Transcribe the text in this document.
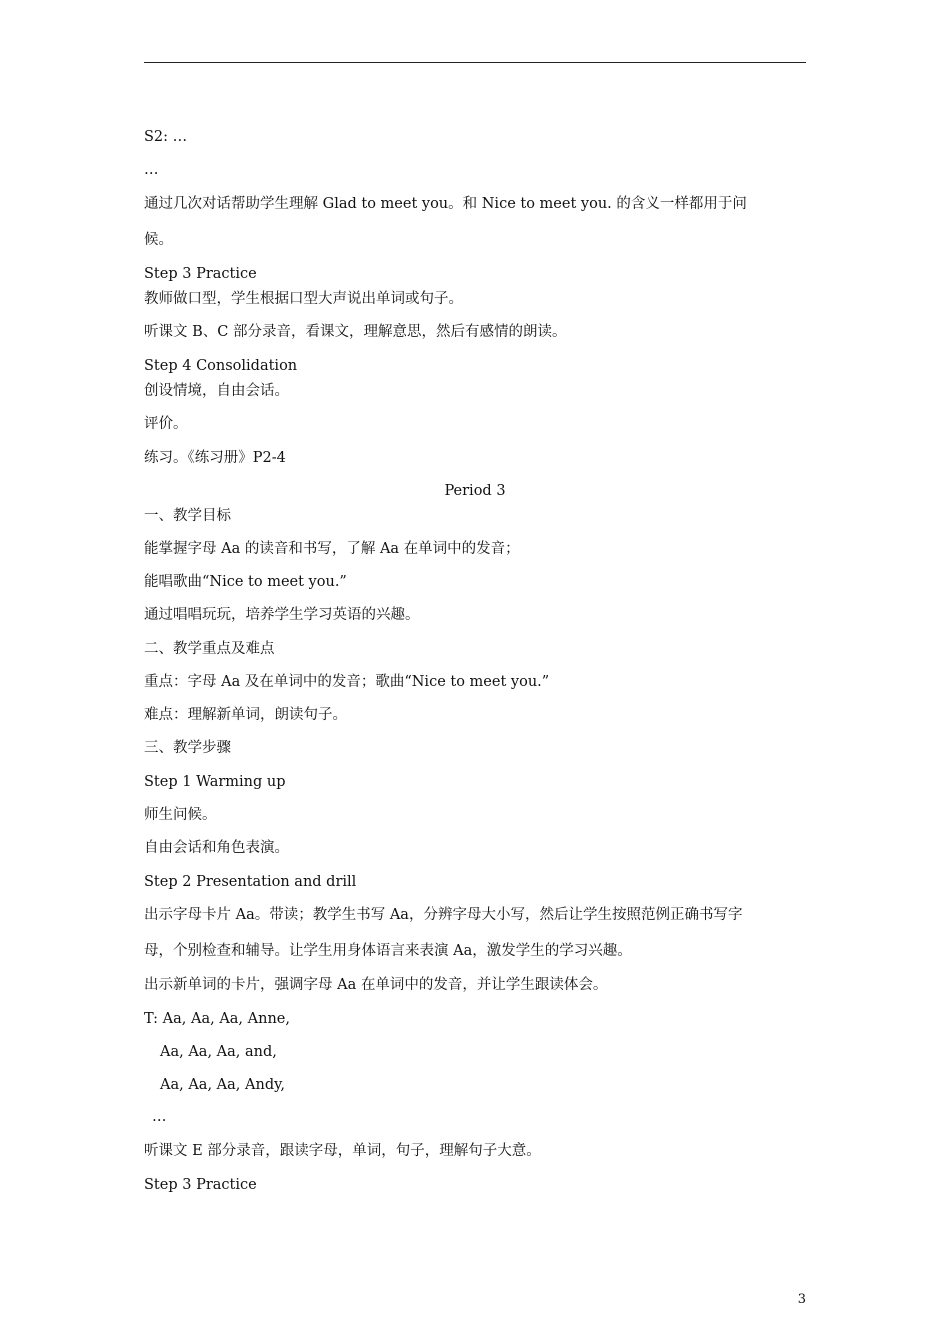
S2: …
…
通过几次对话帮助学生理解 Glad to meet you。和 Nice to meet you. 的含义一样都用于问
候。
Step 3 Practice
教师做口型，学生根据口型大声说出单词或句子。
听课文 B、C 部分录音，看课文，理解意思，然后有感情的朗读。
Step 4 Consolidation
创设情境，自由会话。
评价。
练习。《练习册》P2-4
Period 3
一、教学目标
能掌握字母 Aa 的读音和书写，了解 Aa 在单词中的发音；
能唱歌曲“Nice to meet you.”
通过唱唱玩玩，培养学生学习英语的兴趣。
二、教学重点及难点
重点：字母 Aa 及在单词中的发音；歌曲“Nice to meet you.”
难点：理解新单词，朗读句子。
三、教学步骤
Step 1 Warming up
师生问候。
自由会话和角色表演。
Step 2 Presentation and drill
出示字母卡片 Aa。带读；教学生书写 Aa，分辨字母大小写，然后让学生按照范例正确书写字
母，个别检查和辅导。让学生用身体语言来表演 Aa，激发学生的学习兴趣。
出示新单词的卡片，强调字母 Aa 在单词中的发音，并让学生跟读体会。
T: Aa, Aa, Aa, Anne,
Aa, Aa, Aa, and,
Aa, Aa, Aa, Andy,
…
听课文 E 部分录音，跟读字母，单词，句子，理解句子大意。
Step 3 Practice
3
